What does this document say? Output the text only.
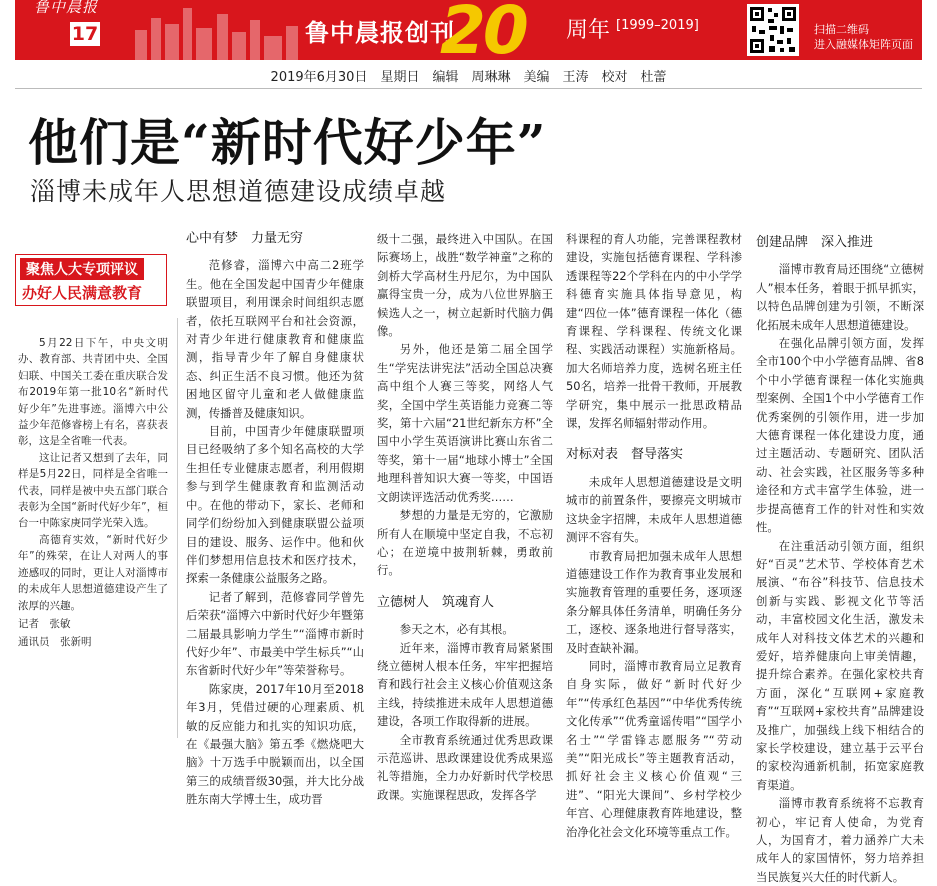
鲁中晨报
17	鲁中晨报创刊
20 周年 [1999–2019]	扫描二维码
进入融媒体矩阵页面
2019年6月30日　星期日　编辑　周琳琳　美编　王涛　校对　杜蕾
他们是“新时代好少年”
淄博未成年人思想道德建设成绩卓越
聚焦人大专项评议
办好人民满意教育

5月22日下午，中央文明办、教育部、共青团中央、全国妇联、中国关工委在重庆联合发布2019年第一批10名“新时代好少年”先进事迹。淄博六中公益少年范修睿榜上有名，喜获表彰，这是全省唯一代表。

这让记者又想到了去年，同样是5月22日，同样是全省唯一代表，同样是被中央五部门联合表彰为全国“新时代好少年”，桓台一中陈家庚同学光荣入选。

高德育实效，“新时代好少年”的殊荣，在让人对两人的事迹感叹的同时，更让人对淄博市的未成年人思想道德建设产生了浓厚的兴趣。

记者　张敏

通讯员　张新明

心中有梦　力量无穷

范修睿，淄博六中高二2班学生。他在全国发起中国青少年健康联盟项目，利用课余时间组织志愿者，依托互联网平台和社会资源，对青少年进行健康教育和健康监测，指导青少年了解自身健康状态、纠正生活不良习惯。他还为贫困地区留守儿童和老人做健康监测，传播普及健康知识。

目前，中国青少年健康联盟项目已经吸纳了多个知名高校的大学生担任专业健康志愿者，利用假期参与到学生健康教育和监测活动中。在他的带动下，家长、老师和同学们纷纷加入到健康联盟公益项目的建设、服务、运作中。他和伙伴们梦想用信息技术和医疗技术，探索一条健康公益服务之路。

记者了解到，范修睿同学曾先后荣获“淄博六中新时代好少年暨第二届最具影响力学生”“淄博市新时代好少年”、市最美中学生标兵”“山东省新时代好少年”等荣誉称号。

陈家庚，2017年10月至2018年3月，凭借过硬的心理素质、机敏的反应能力和扎实的知识功底，在《最强大脑》第五季《燃烧吧大脑》十万选手中脱颖而出，以全国第三的成绩晋级30强，并大比分战胜东南大学博士生，成功晋

级十二强，最终进入中国队。在国际赛场上，战胜“数学神童”之称的剑桥大学高材生丹尼尔，为中国队赢得宝贵一分，成为八位世界脑王候选人之一，树立起新时代脑力偶像。

另外，他还是第二届全国学生“学宪法讲宪法”活动全国总决赛高中组个人赛三等奖，网络人气奖，全国中学生英语能力竞赛二等奖，第十六届“21世纪新东方杯”全国中小学生英语演讲比赛山东省二等奖，第十一届“地球小博士”全国地理科普知识大赛一等奖，中国语文朗读评选活动优秀奖……

梦想的力量是无穷的，它激励所有人在顺境中坚定自我，不忘初心；在逆境中披荆斩棘，勇敢前行。

立德树人　筑魂育人

参天之木，必有其根。

近年来，淄博市教育局紧紧围绕立德树人根本任务，牢牢把握培育和践行社会主义核心价值观这条主线，持续推进未成年人思想道德建设，各项工作取得新的进展。

全市教育系统通过优秀思政课示范巡讲、思政课建设优秀成果巡礼等措施，全力办好新时代学校思政课。实施课程思政，发挥各学

科课程的育人功能，完善课程教材建设，实施包括德育课程、学科渗透课程等22个学科在内的中小学学科德育实施具体指导意见，构建“四位一体”德育课程一体化（德育课程、学科课程、传统文化课程、实践活动课程）实施新格局。加大名师培养力度，选树名班主任50名，培养一批骨干教师，开展教学研究，集中展示一批思政精品课，发挥名师辐射带动作用。

对标对表　督导落实

未成年人思想道德建设是文明城市的前置条件，要擦亮文明城市这块金字招牌，未成年人思想道德测评不容有失。

市教育局把加强未成年人思想道德建设工作作为教育事业发展和实施教育管理的重要任务，逐项逐条分解具体任务清单，明确任务分工，逐校、逐条地进行督导落实，及时查缺补漏。

同时，淄博市教育局立足教育自身实际，做好“新时代好少年”“传承红色基因”“中华优秀传统文化传承”“优秀童谣传唱”“国学小名士”“学雷锋志愿服务”“劳动美”“阳光成长”等主题教育活动，抓好社会主义核心价值观“三进”、“阳光大课间”、乡村学校少年宫、心理健康教育阵地建设，整治净化社会文化环境等重点工作。

创建品牌　深入推进

淄博市教育局还围绕“立德树人”根本任务，着眼于抓早抓实，以特色品牌创建为引领，不断深化拓展未成年人思想道德建设。

在强化品牌引领方面，发挥全市100个中小学德育品牌、省8个中小学德育课程一体化实施典型案例、全国1个中小学德育工作优秀案例的引领作用，进一步加大德育课程一体化建设力度，通过主题活动、专题研究、团队活动、社会实践，社区服务等多种途径和方式丰富学生体验，进一步提高德育工作的针对性和实效性。

在注重活动引领方面，组织好“百灵”艺术节、学校体育艺术展演、“布谷”科技节、信息技术创新与实践、影视文化节等活动，丰富校园文化生活，激发未成年人对科技文体艺术的兴趣和爱好，培养健康向上审美情趣，提升综合素养。在强化家校共育方面，深化“互联网+家庭教育”“互联网+家校共育”品牌建设及推广，加强线上线下相结合的家长学校建设，建立基于云平台的家校沟通新机制，拓宽家庭教育渠道。

淄博市教育系统将不忘教育初心，牢记育人使命，为党育人，为国育才，着力涵养广大未成年人的家国情怀，努力培养担当民族复兴大任的时代新人。
